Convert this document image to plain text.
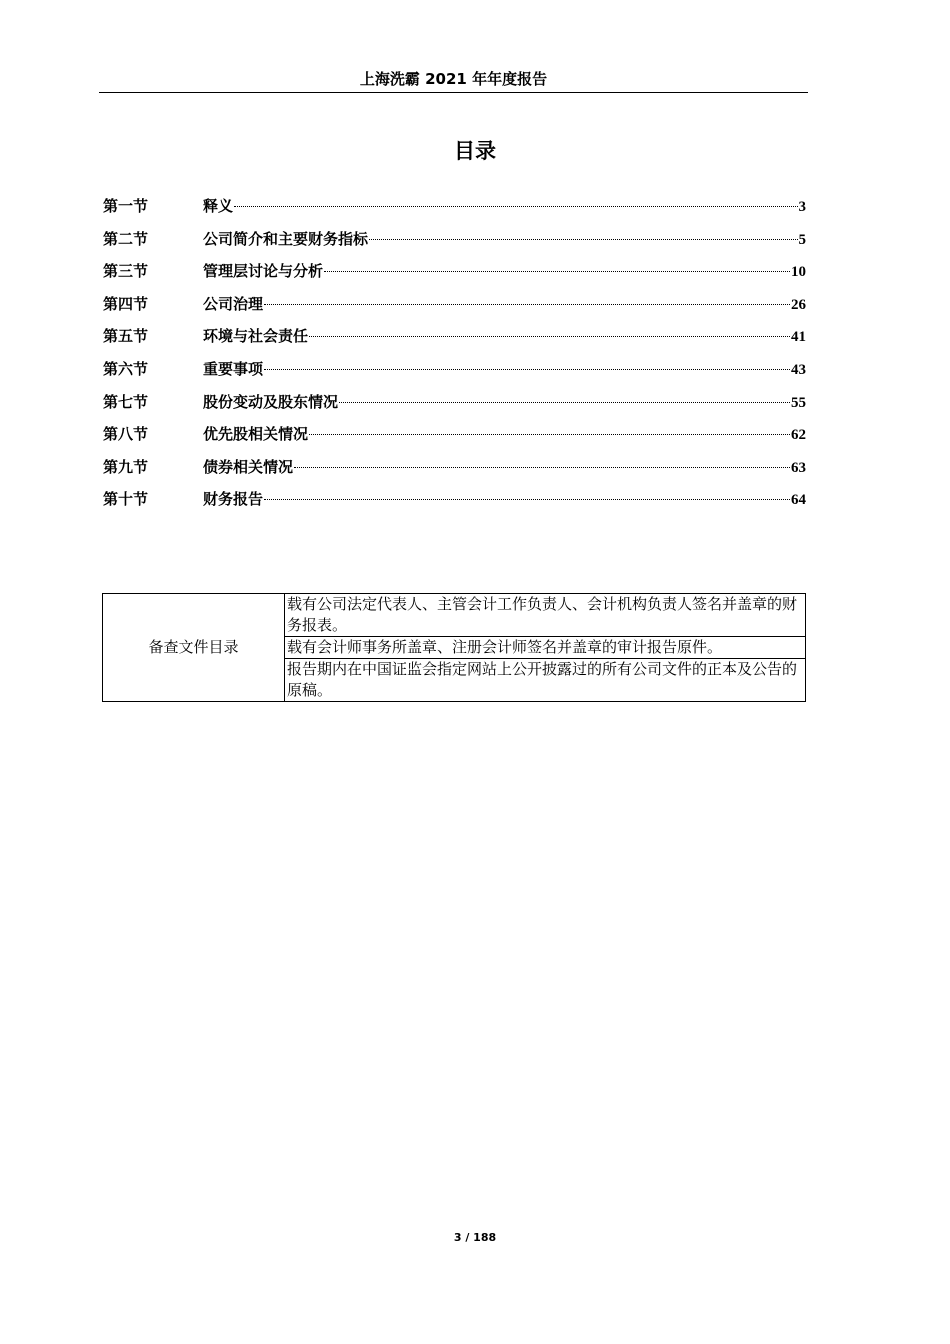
上海洗霸 2021 年年度报告
目录
第一节	释义	3
第二节	公司简介和主要财务指标	5
第三节	管理层讨论与分析	10
第四节	公司治理	26
第五节	环境与社会责任	41
第六节	重要事项	43
第七节	股份变动及股东情况	55
第八节	优先股相关情况	62
第九节	债券相关情况	63
第十节	财务报告	64
备查文件目录	载有公司法定代表人、主管会计工作负责人、会计机构负责人签名并盖章的财务报表。
载有会计师事务所盖章、注册会计师签名并盖章的审计报告原件。
报告期内在中国证监会指定网站上公开披露过的所有公司文件的正本及公告的原稿。
3 / 188
